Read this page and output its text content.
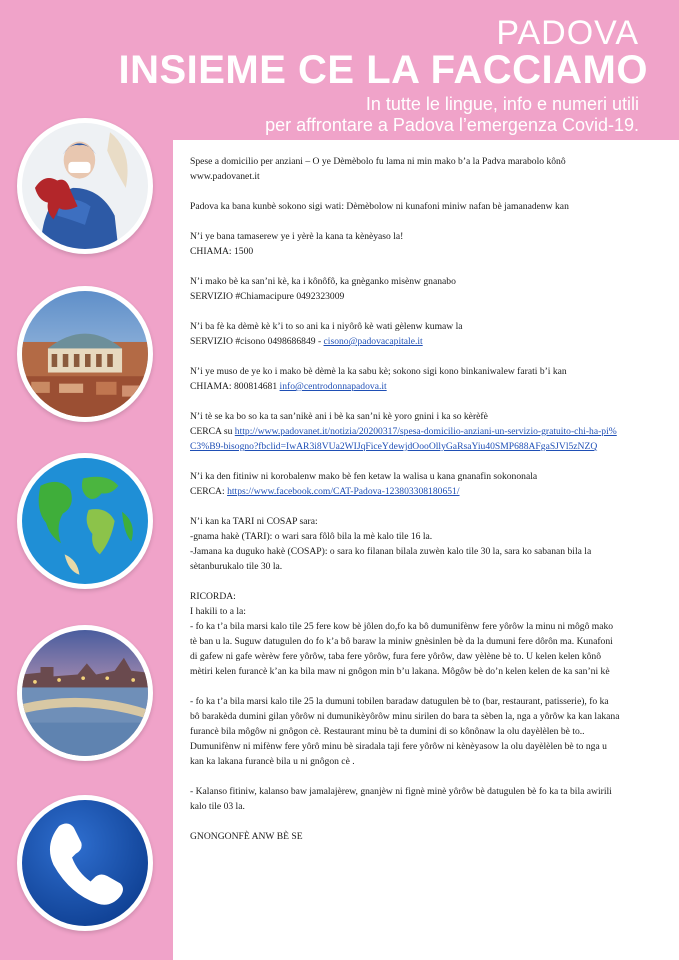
PADOVA
INSIEME CE LA FACCIAMO
In tutte le lingue, info e numeri utili
per affrontare a Padova l’emergenza Covid-19.

Spese a domicilio per anziani – O ye Dèmèbolo fu lama ni min mako b’a la Padva marabolo kônô

www.padovanet.it

Padova ka bana kunbè sokono sigi wati: Dèmèbolow ni kunafoni miniw nafan bè jamanadenw kan

N’i ye bana tamaserew ye i yèrè la kana ta kènèyaso la!

CHIAMA: 1500

N’i mako bè ka san’ni kè, ka i kônôfô, ka gnèganko misènw gnanabo

SERVIZIO #Chiamacipure 0492323009

N’i ba fè ka dèmè kè k’i to so ani ka i niyôrô kè wati gèlenw kumaw la

SERVIZIO #cisono 0498686849 - cisono@padovacapitale.it

N’i ye muso de ye ko i mako bè dèmè la ka sabu kè; sokono sigi kono binkaniwalew farati b’i kan

CHIAMA: 800814681 info@centrodonnapadova.it

N’i tè se ka bo so ka ta san’nikè ani i bè ka san’ni kè yoro gnini i ka so kèrèfè

CERCA su http://www.padovanet.it/notizia/20200317/spesa-domicilio-anziani-un-servizio-gratuito-chi-ha-pi%C3%B9-bisogno?fbclid=IwAR3i8VUa2WIJqFiceYdewjdOooOllyGaRsaYiu40SMP688AFgaSJVl5zNZQ

N’i ka den fitiniw ni korobalenw mako bè fen ketaw la walisa u kana gnanafin sokononala

CERCA: https://www.facebook.com/CAT-Padova-123803308180651/

N’i kan ka TARI ni COSAP sara:

-gnama hakè (TARI): o wari sara fôlô bila la mè kalo tile 16 la.

-Jamana ka duguko hakè (COSAP): o sara ko filanan bilala zuwèn kalo tile 30 la, sara ko sabanan bila la sètanburukalo tile 30 la.

RICORDA:

I hakili to a la:

- fo ka t’a bila marsi kalo tile 25 fere kow bè jôlen do,fo ka bô dumunifènw fere yôrôw la minu ni môgô mako tè ban u la. Suguw datugulen do fo k’a bô baraw la miniw gnèsinlen bè da la dumuni fere dôrôn ma. Kunafoni di gafew ni gafe wèrèw fere yôrôw, taba fere yôrôw, fura fere yôrôw, daw yèlène bè to. U kelen kelen kônô mètiri kelen furancè k’an ka bila maw ni gnôgon min b’u lakana. Môgôw bè do’n kelen kelen de ka san’ni kè

- fo ka t’a bila marsi kalo tile 25 la dumuni tobilen baradaw datugulen bè to (bar, restaurant, patisserie), fo ka bô barakèda dumini gilan yôrôw ni dumunikèyôrôw minu sirilen do bara ta sèben la, nga a yôrôw ka kan lakana furancè bila môgôw ni gnôgon cè. Restaurant minu bè ta dumini di so kônônaw la olu dayèlèlen bè to.. Dumunifènw ni mifènw fere yôrô minu bè siradala taji fere yôrôw ni kènèyasow la olu dayèlèlen bè to nga u kan ka lakana furancè bila u ni gnôgon cè .

- Kalanso fitiniw, kalanso baw jamalajèrew, gnanjèw ni fignè minè yôrôw bè datugulen bè fo ka ta bila awirili kalo tile 03 la.

GNONGONFÈ ANW BÈ SE
